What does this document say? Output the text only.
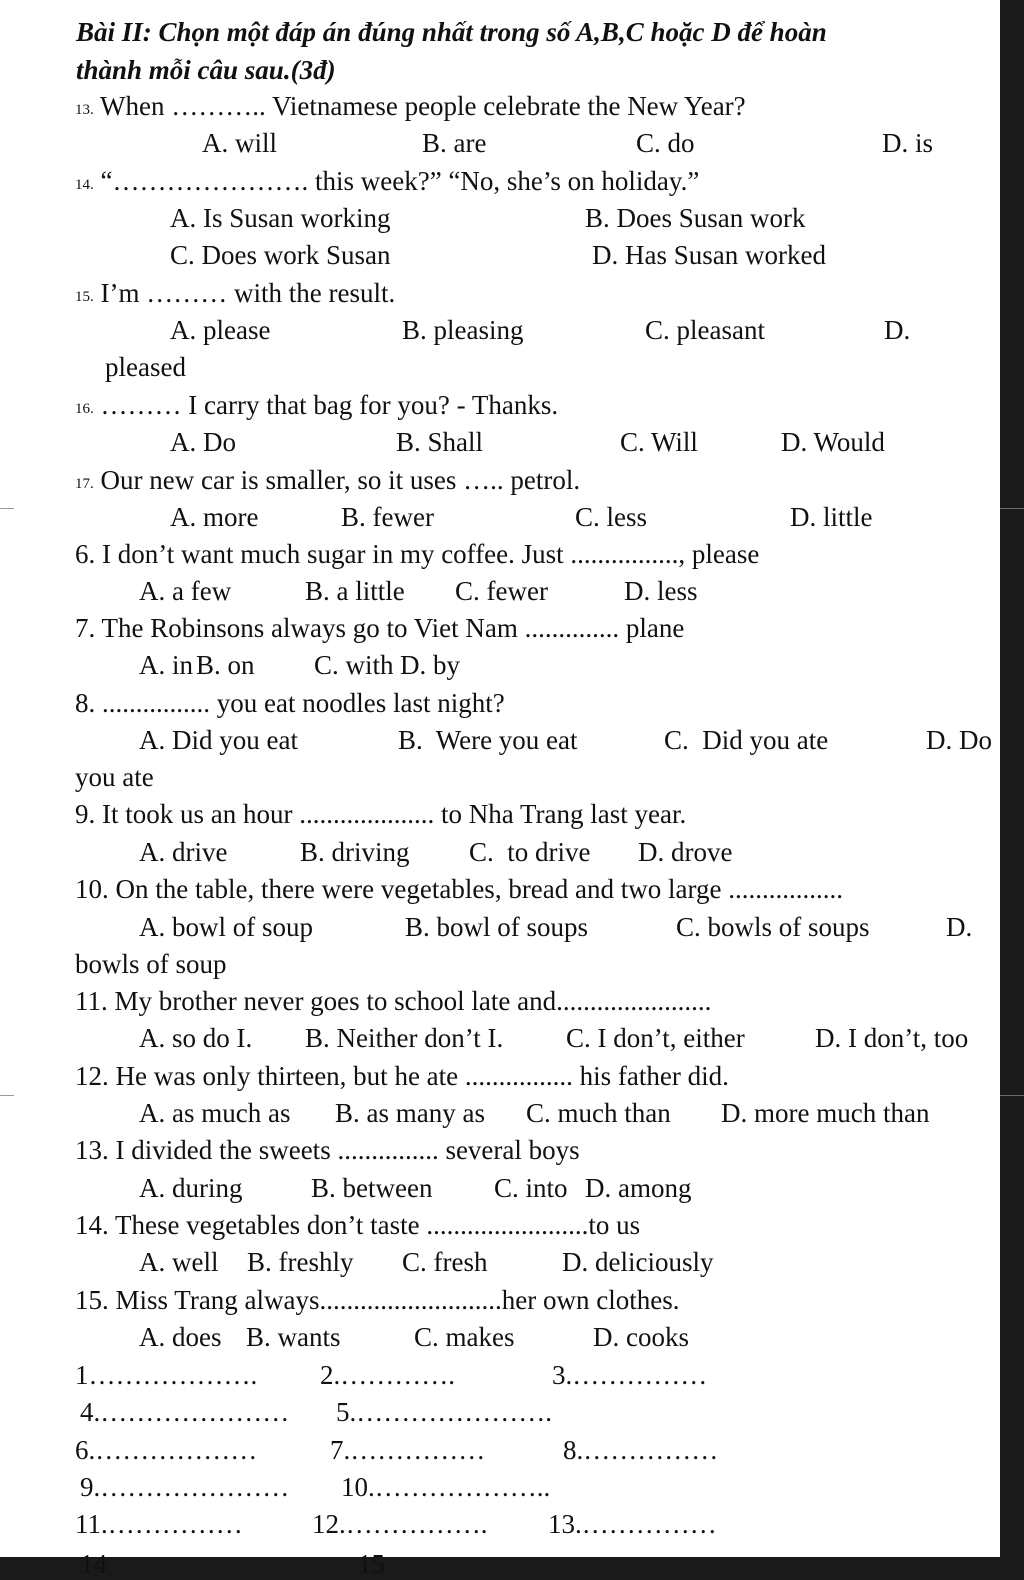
Bài II: Chọn một đáp án đúng nhất trong số A,B,C hoặc D để hoàn
thành mỗi câu sau.(3đ)
13. When ……….. Vietnamese people celebrate the New Year?
A. will	B. are	C. do	D. is
14. “…………………. this week?” “No, she’s on holiday.”
A. Is Susan working	B. Does Susan work
C. Does work Susan	D. Has Susan worked
15. I’m ……… with the result.
A. please	B. pleasing	C. pleasant	D.
pleased
16. ……… I carry that bag for you? - Thanks.
A. Do	B. Shall	C. Will	D. Would
17. Our new car is smaller, so it uses ….. petrol.
A. more	B. fewer	C. less	D. little
6. I don’t want much sugar in my coffee. Just ................, please
A. a few	B. a little C. fewer	D. less
7. The Robinsons always go to Viet Nam .............. plane
A. in B. on C. with D. by
8. ................ you eat noodles last night?
A. Did you eat	B.  Were you eat	C.  Did you ate	D. Do
you ate
9. It took us an hour .................... to Nha Trang last year.
A. drive	B. driving C.  to drive D. drove
10. On the table, there were vegetables, bread and two large .................
A. bowl of soup	B. bowl of soups	C. bowls of soups	D.
bowls of soup
11. My brother never goes to school late and.......................
A. so do I. B. Neither don’t I. C. I don’t, either	D. I don’t, too
12. He was only thirteen, but he ate ................ his father did.
A. as much as B. as many as C. much than D. more much than
13. I divided the sweets ............... several boys
A. during	B. between C. into D. among
14. These vegetables don’t taste ........................to us
A. well B. freshly C. fresh	D. deliciously
15. Miss Trang always...........................her own clothes.
A. does B. wants	C. makes	D. cooks
1………………. 2.………….	3.……………
4.………………… 5.………………….
6.………………	7.……………	8.……………
9.………………… 10.………………..
11.……………	12.……………. 13.……………
14	15
